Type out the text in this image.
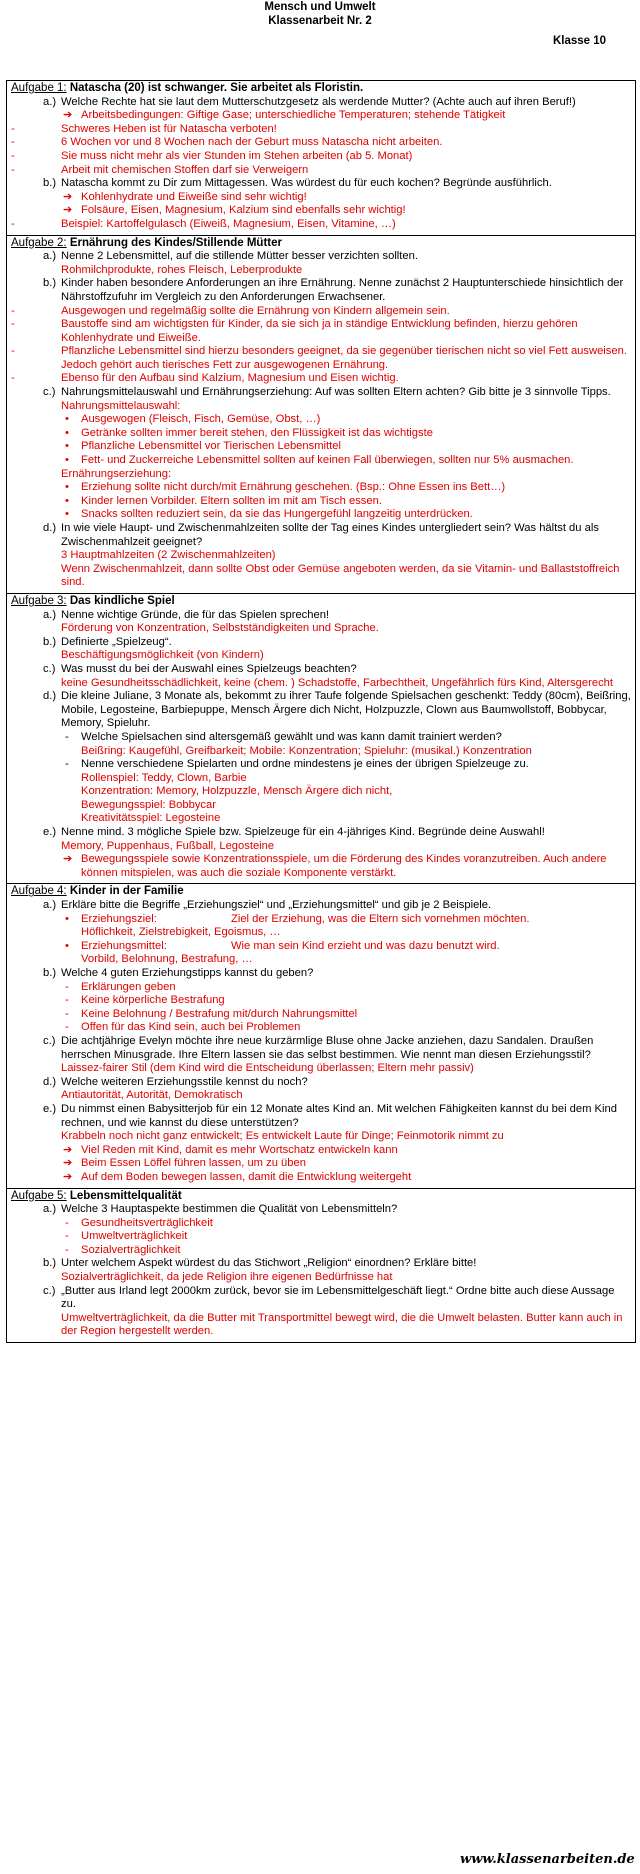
Mensch und Umwelt
Klassenarbeit Nr. 2
Klasse 10
Aufgabe 1: Natascha (20) ist schwanger. Sie arbeitet als Floristin.
a.) Welche Rechte hat sie laut dem Mutterschutzgesetz als werdende Mutter? (Achte auch auf ihren Beruf!)
➔ Arbeitsbedingungen: Giftige Gase; unterschiedliche Temperaturen; stehende Tätigkeit
-	Schweres Heben ist für Natascha verboten!
-	6 Wochen vor und 8 Wochen nach der Geburt muss Natascha nicht arbeiten.
-	Sie muss nicht mehr als vier Stunden im Stehen arbeiten (ab 5. Monat)
-	Arbeit mit chemischen Stoffen darf sie Verweigern
b.) Natascha kommt zu Dir zum Mittagessen. Was würdest du für euch kochen? Begründe ausführlich.
➔ Kohlenhydrate und Eiweiße sind sehr wichtig!
➔ Folsäure, Eisen, Magnesium, Kalzium sind ebenfalls sehr wichtig!
-	Beispiel: Kartoffelgulasch (Eiweiß, Magnesium, Eisen, Vitamine, …)
Aufgabe 2: Ernährung des Kindes/Stillende Mütter
a.) Nenne 2 Lebensmittel, auf die stillende Mütter besser verzichten sollten.
Rohmilchprodukte, rohes Fleisch, Leberprodukte
b.) Kinder haben besondere Anforderungen an ihre Ernährung. Nenne zunächst 2 Hauptunterschiede hinsichtlich der Nährstoffzufuhr im Vergleich zu den Anforderungen Erwachsener.
-	Ausgewogen und regelmäßig sollte die Ernährung von Kindern allgemein sein.
-	Baustoffe sind am wichtigsten für Kinder, da sie sich ja in ständige Entwicklung befinden, hierzu gehören Kohlenhydrate und Eiweiße.
-	Pflanzliche Lebensmittel sind hierzu besonders geeignet, da sie gegenüber tierischen nicht so viel Fett ausweisen. Jedoch gehört auch tierisches Fett zur ausgewogenen Ernährung.
-	Ebenso für den Aufbau sind Kalzium, Magnesium und Eisen wichtig.
c.) Nahrungsmittelauswahl und Ernährungserziehung: Auf was sollten Eltern achten? Gib bitte je 3 sinnvolle Tipps.
Nahrungsmittelauswahl:
• Ausgewogen (Fleisch, Fisch, Gemüse, Obst, …)
• Getränke sollten immer bereit stehen, den Flüssigkeit ist das wichtigste
• Pflanzliche Lebensmittel vor Tierischen Lebensmittel
• Fett- und Zuckerreiche Lebensmittel sollten auf keinen Fall überwiegen, sollten nur 5% ausmachen.
Ernährungserziehung:
• Erziehung sollte nicht durch/mit Ernährung geschehen. (Bsp.: Ohne Essen ins Bett…)
• Kinder lernen Vorbilder. Eltern sollten im mit am Tisch essen.
• Snacks sollten reduziert sein, da sie das Hungergefühl langzeitig unterdrücken.
d.) In wie viele Haupt- und Zwischenmahlzeiten sollte der Tag eines Kindes untergliedert sein? Was hältst du als Zwischenmahlzeit geeignet?
3 Hauptmahlzeiten (2 Zwischenmahlzeiten)
Wenn Zwischenmahlzeit, dann sollte Obst oder Gemüse angeboten werden, da sie Vitamin- und Ballaststoffreich sind.
Aufgabe 3: Das kindliche Spiel
a.) Nenne wichtige Gründe, die für das Spielen sprechen!
Förderung von Konzentration, Selbstständigkeiten und Sprache.
b.) Definierte „Spielzeug“.
Beschäftigungsmöglichkeit (von Kindern)
c.) Was musst du bei der Auswahl eines Spielzeugs beachten?
keine Gesundheitsschädlichkeit, keine (chem. ) Schadstoffe, Farbechtheit, Ungefährlich fürs Kind, Altersgerecht
d.) Die kleine Juliane, 3 Monate als, bekommt zu ihrer Taufe folgende Spielsachen geschenkt: Teddy (80cm), Beißring, Mobile, Legosteine, Barbiepuppe, Mensch Ärgere dich Nicht, Holzpuzzle, Clown aus Baumwollstoff, Bobbycar, Memory, Spieluhr.
- Welche Spielsachen sind altersgemäß gewählt und was kann damit trainiert werden?
Beißring: Kaugefühl, Greifbarkeit; Mobile: Konzentration; Spieluhr: (musikal.) Konzentration
- Nenne verschiedene Spielarten und ordne mindestens je eines der übrigen Spielzeuge zu.
Rollenspiel: Teddy, Clown, Barbie
Konzentration: Memory, Holzpuzzle, Mensch Ärgere dich nicht,
Bewegungsspiel: Bobbycar
Kreativitätsspiel: Legosteine
e.) Nenne mind. 3 mögliche Spiele bzw. Spielzeuge für ein 4-jähriges Kind. Begründe deine Auswahl!
Memory, Puppenhaus, Fußball, Legosteine
➔ Bewegungsspiele sowie Konzentrationsspiele, um die Förderung des Kindes voranzutreiben. Auch andere können mitspielen, was auch die soziale Komponente verstärkt.
Aufgabe 4: Kinder in der Familie
a.) Erkläre bitte die Begriffe „Erziehungsziel“ und „Erziehungsmittel“ und gib je 2 Beispiele.
• Erziehungsziel:	Ziel der Erziehung, was die Eltern sich vornehmen möchten.
Höflichkeit, Zielstrebigkeit, Egoismus, …
• Erziehungsmittel:	Wie man sein Kind erzieht und was dazu benutzt wird.
Vorbild, Belohnung, Bestrafung, …
b.) Welche 4 guten Erziehungstipps kannst du geben?
- Erklärungen geben
- Keine körperliche Bestrafung
- Keine Belohnung / Bestrafung mit/durch Nahrungsmittel
- Offen für das Kind sein, auch bei Problemen
c.) Die achtjährige Evelyn möchte ihre neue kurzärmlige Bluse ohne Jacke anziehen, dazu Sandalen. Draußen herrschen Minusgrade. Ihre Eltern lassen sie das selbst bestimmen. Wie nennt man diesen Erziehungsstil?
Laissez-fairer Stil (dem Kind wird die Entscheidung überlassen; Eltern mehr passiv)
d.) Welche weiteren Erziehungsstile kennst du noch?
Antiautorität, Autorität, Demokratisch
e.) Du nimmst einen Babysitterjob für ein 12 Monate altes Kind an. Mit welchen Fähigkeiten kannst du bei dem Kind rechnen, und wie kannst du diese unterstützen?
Krabbeln noch nicht ganz entwickelt; Es entwickelt Laute für Dinge; Feinmotorik nimmt zu
➔ Viel Reden mit Kind, damit es mehr Wortschatz entwickeln kann
➔ Beim Essen Löffel führen lassen, um zu üben
➔ Auf dem Boden bewegen lassen, damit die Entwicklung weitergeht
Aufgabe 5: Lebensmittelqualität
a.) Welche 3 Hauptaspekte bestimmen die Qualität von Lebensmitteln?
- Gesundheitsverträglichkeit
- Umweltverträglichkeit
- Sozialverträglichkeit
b.) Unter welchem Aspekt würdest du das Stichwort „Religion“ einordnen? Erkläre bitte!
Sozialverträglichkeit, da jede Religion ihre eigenen Bedürfnisse hat
c.) „Butter aus Irland legt 2000km zurück, bevor sie im Lebensmittelgeschäft liegt.“ Ordne bitte auch diese Aussage zu.
Umweltverträglichkeit, da die Butter mit Transportmittel bewegt wird, die die Umwelt belasten. Butter kann auch in der Region hergestellt werden.
www.klassenarbeiten.de
